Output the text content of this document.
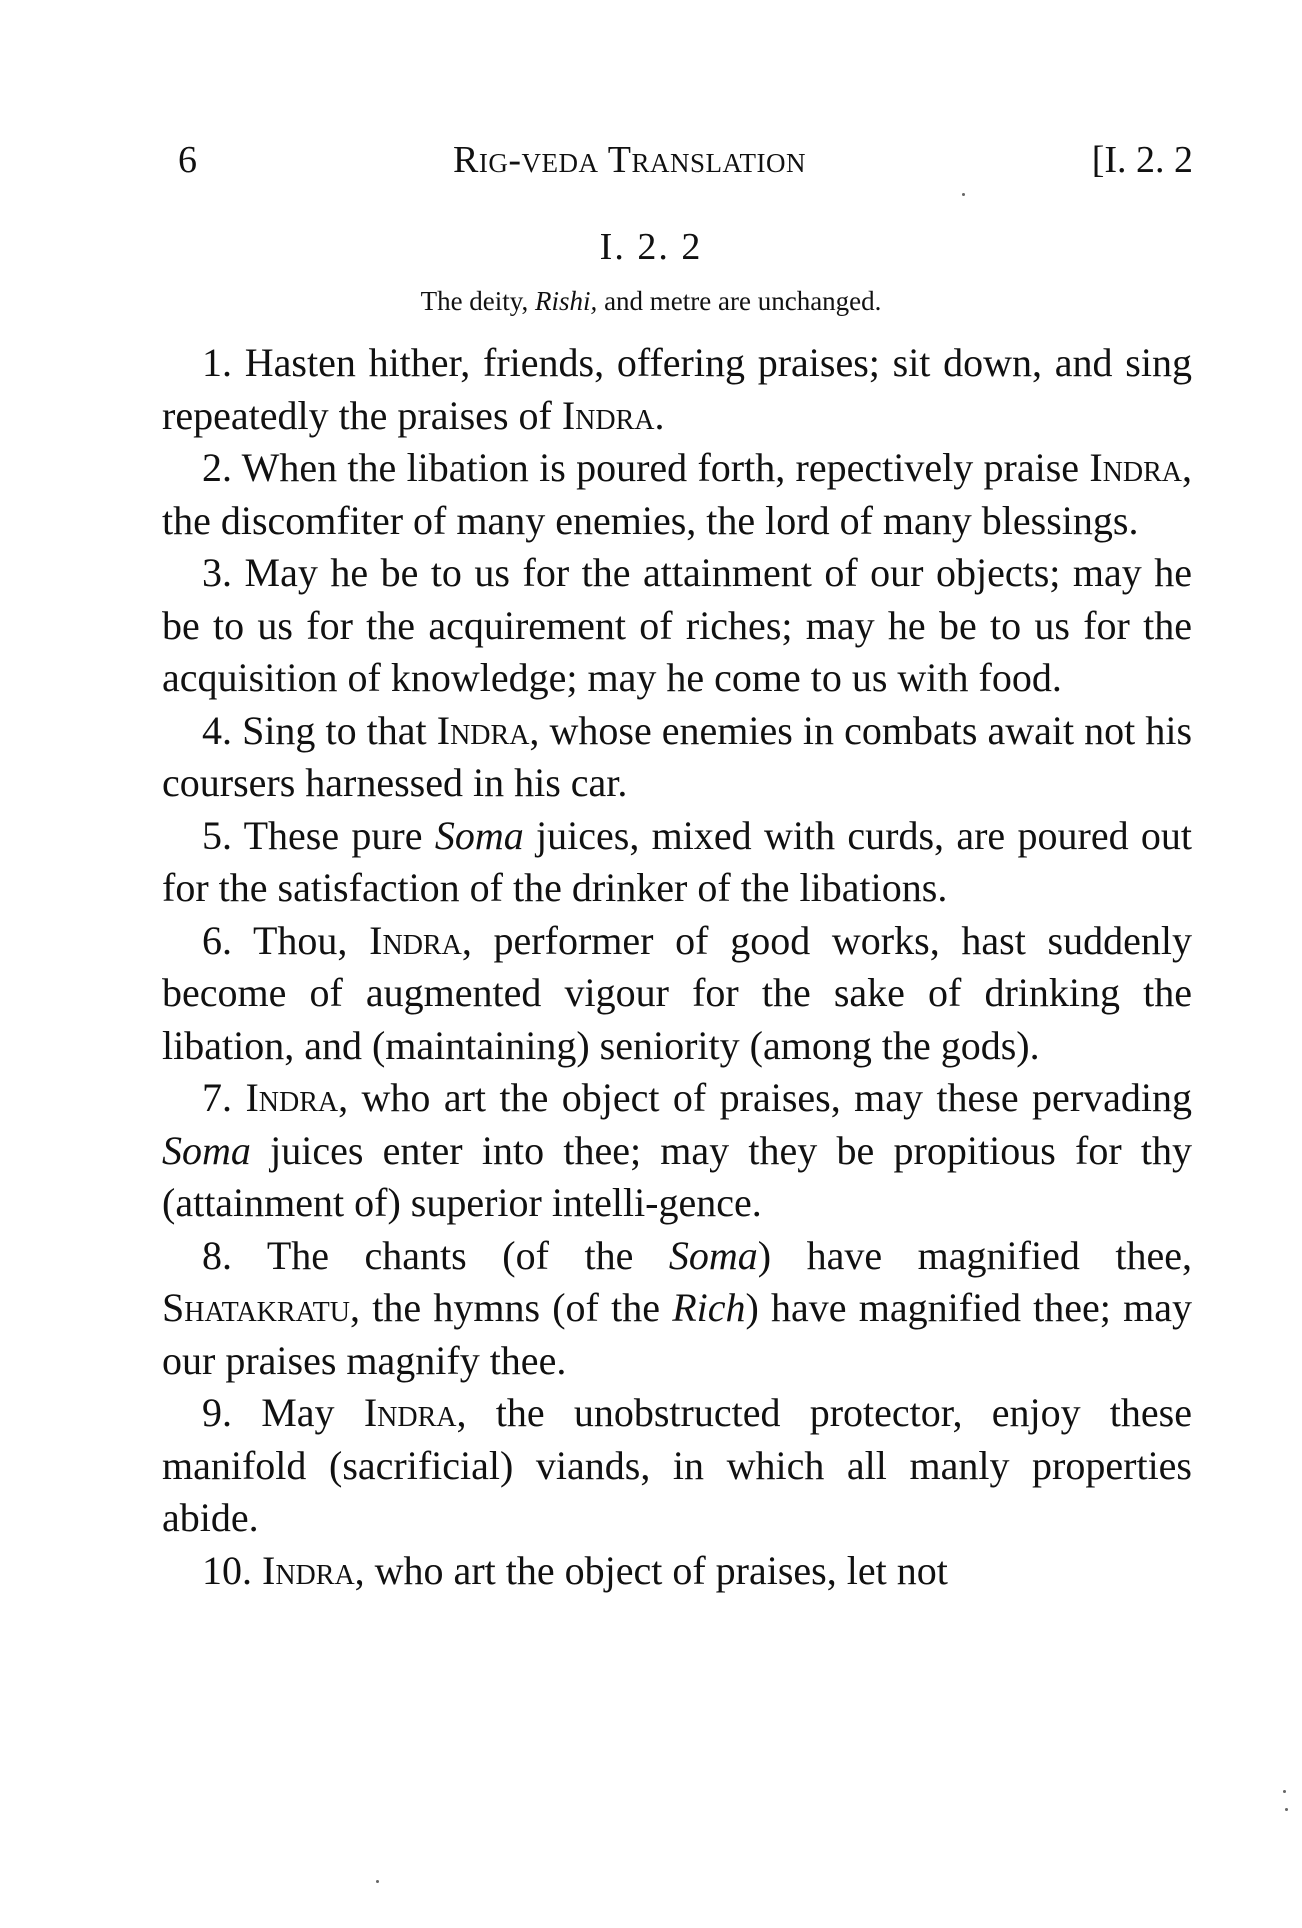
6	Rig-veda Translation	[I. 2. 2
I. 2. 2
The deity, Rishi, and metre are unchanged.

1. Hasten hither, friends, offering praises; sit down, and sing repeatedly the praises of Indra.

2. When the libation is poured forth, repectively praise Indra, the discomfiter of many enemies, the lord of many blessings.

3. May he be to us for the attainment of our objects; may he be to us for the acquirement of riches; may he be to us for the acquisition of knowledge; may he come to us with food.

4. Sing to that Indra, whose enemies in combats await not his coursers harnessed in his car.

5. These pure Soma juices, mixed with curds, are poured out for the satisfaction of the drinker of the libations.

6. Thou, Indra, performer of good works, hast suddenly become of augmented vigour for the sake of drinking the libation, and (maintaining) seniority (among the gods).

7. Indra, who art the object of praises, may these pervading Soma juices enter into thee; may they be propitious for thy (attainment of) superior intelli-gence.

8. The chants (of the Soma) have magnified thee, Shatakratu, the hymns (of the Rich) have magnified thee; may our praises magnify thee.

9. May Indra, the unobstructed protector, enjoy these manifold (sacrificial) viands, in which all manly properties abide.

10. Indra, who art the object of praises, let not
